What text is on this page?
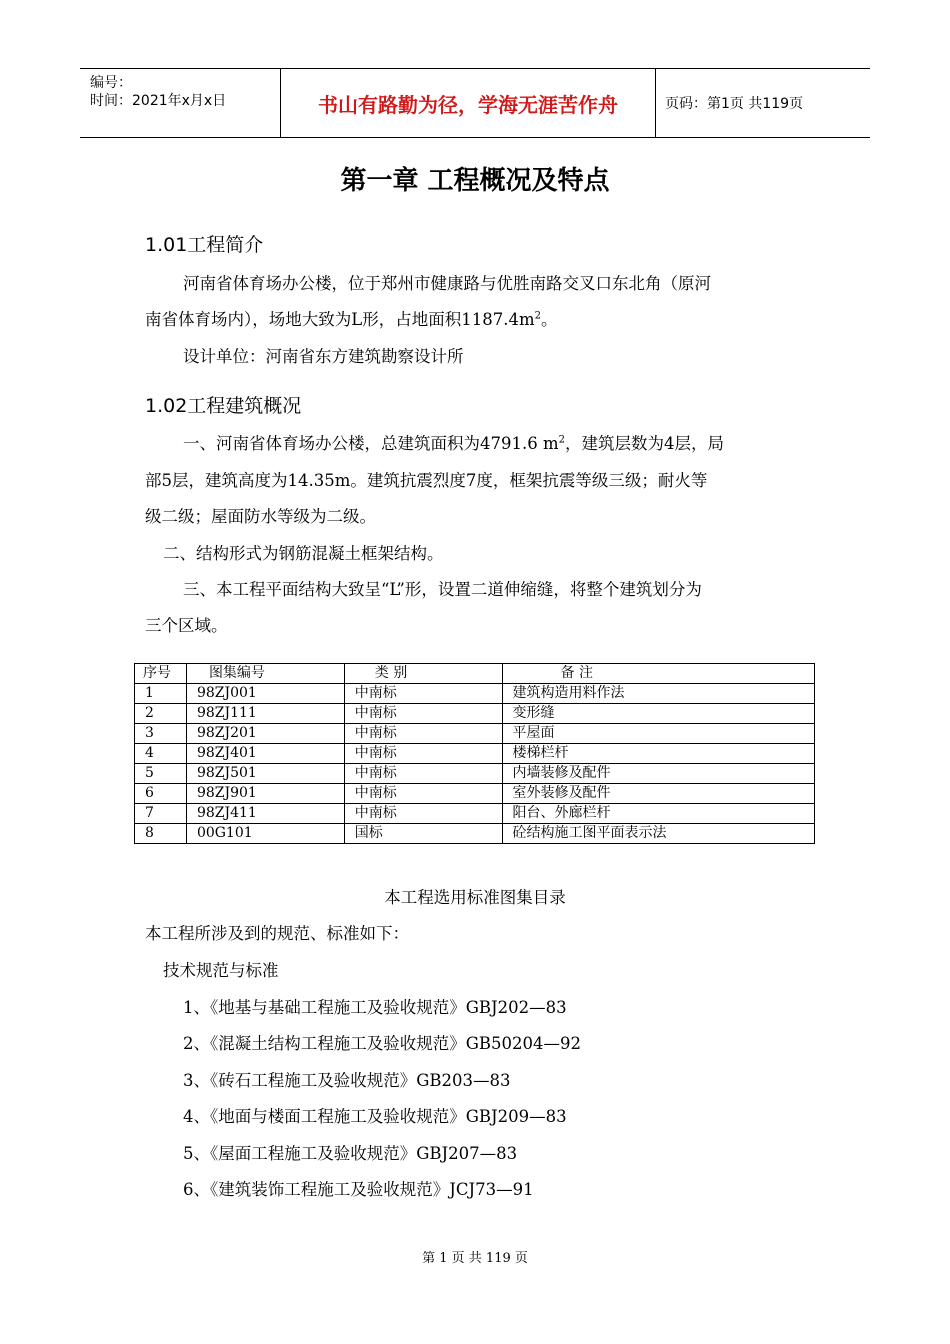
编号：
时间：2021年x月x日	书山有路勤为径，学海无涯苦作舟	页码：第1页 共119页
第一章 工程概况及特点
1.01工程简介
河南省体育场办公楼，位于郑州市健康路与优胜南路交叉口东北角（原河
南省体育场内），场地大致为L形，占地面积$1187.4m^2$。
设计单位：河南省东方建筑勘察设计所
1.02工程建筑概况
一、河南省体育场办公楼，总建筑面积为4791.6 $m^2$，建筑层数为4层，局
部5层，建筑高度为14.35m。建筑抗震烈度7度，框架抗震等级三级；耐火等
级二级；屋面防水等级为二级。
二、结构形式为钢筋混凝土框架结构。
三、本工程平面结构大致呈“L”形，设置二道伸缩缝，将整个建筑划分为
三个区域。
序号	图集编号	类 别	备 注
1	98ZJ001	中南标	建筑构造用料作法
2	98ZJ111	中南标	变形缝
3	98ZJ201	中南标	平屋面
4	98ZJ401	中南标	楼梯栏杆
5	98ZJ501	中南标	内墙装修及配件
6	98ZJ901	中南标	室外装修及配件
7	98ZJ411	中南标	阳台、外廊栏杆
8	00G101	国标	砼结构施工图平面表示法
本工程选用标准图集目录
本工程所涉及到的规范、标准如下：
技术规范与标准
1、《地基与基础工程施工及验收规范》GBJ202—83
2、《混凝土结构工程施工及验收规范》GB50204—92
3、《砖石工程施工及验收规范》GB203—83
4、《地面与楼面工程施工及验收规范》GBJ209—83
5、《屋面工程施工及验收规范》GBJ207—83
6、《建筑装饰工程施工及验收规范》JCJ73—91
第 1 页 共 119 页
